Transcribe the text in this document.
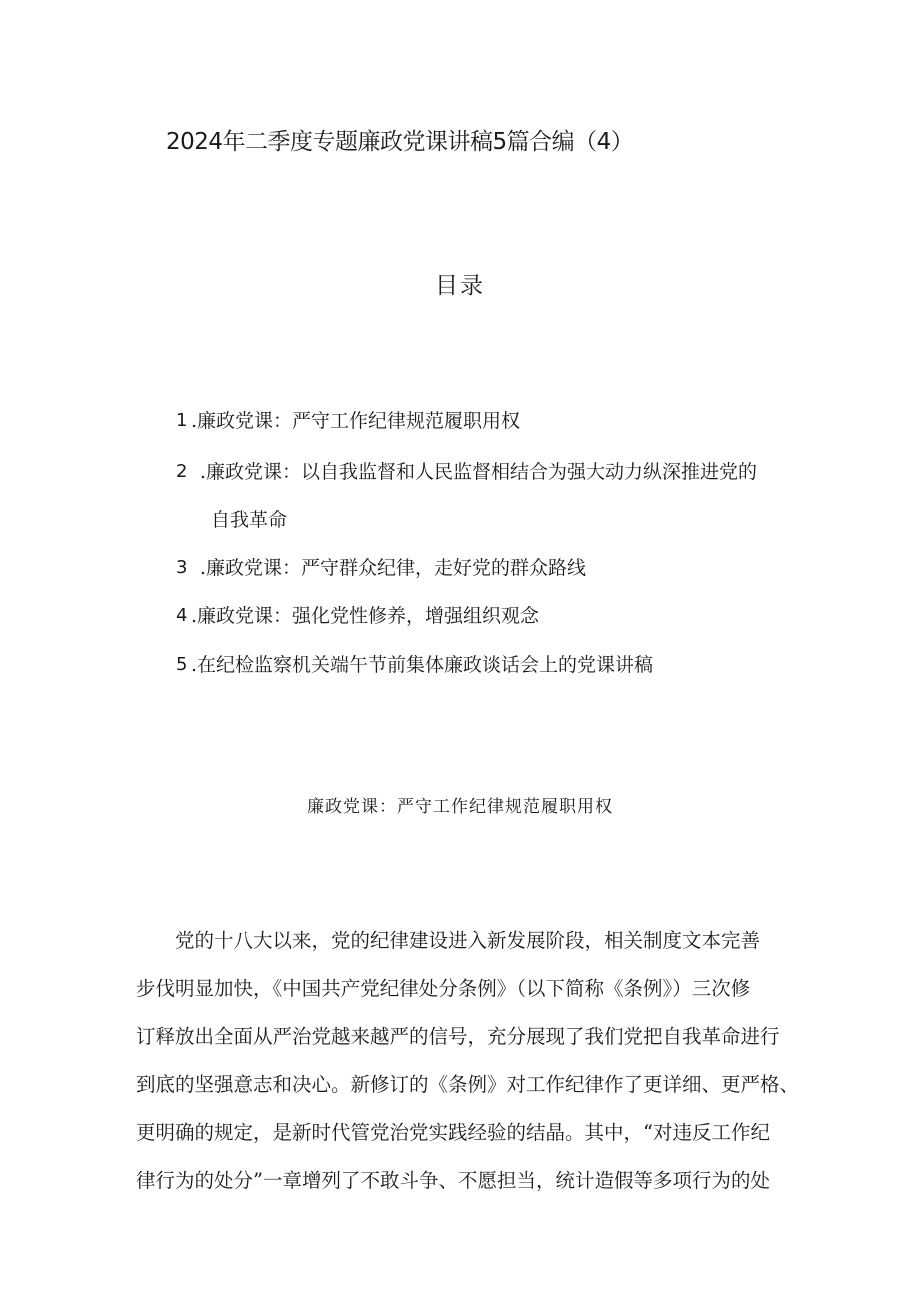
2024年二季度专题廉政党课讲稿5篇合编（4）
目录
1 .廉政党课：严守工作纪律规范履职用权
2 .廉政党课：以自我监督和人民监督相结合为强大动力纵深推进党的
自我革命
3 .廉政党课：严守群众纪律，走好党的群众路线
4 .廉政党课：强化党性修养，增强组织观念
5 .在纪检监察机关端午节前集体廉政谈话会上的党课讲稿
廉政党课：严守工作纪律规范履职用权
党的十八大以来，党的纪律建设进入新发展阶段，相关制度文本完善
步伐明显加快，《中国共产党纪律处分条例》（以下简称《条例》）三次修
订释放出全面从严治党越来越严的信号，充分展现了我们党把自我革命进行
到底的坚强意志和决心。新修订的《条例》对工作纪律作了更详细、更严格、
更明确的规定，是新时代管党治党实践经验的结晶。其中，“对违反工作纪
律行为的处分”一章增列了不敢斗争、不愿担当，统计造假等多项行为的处
